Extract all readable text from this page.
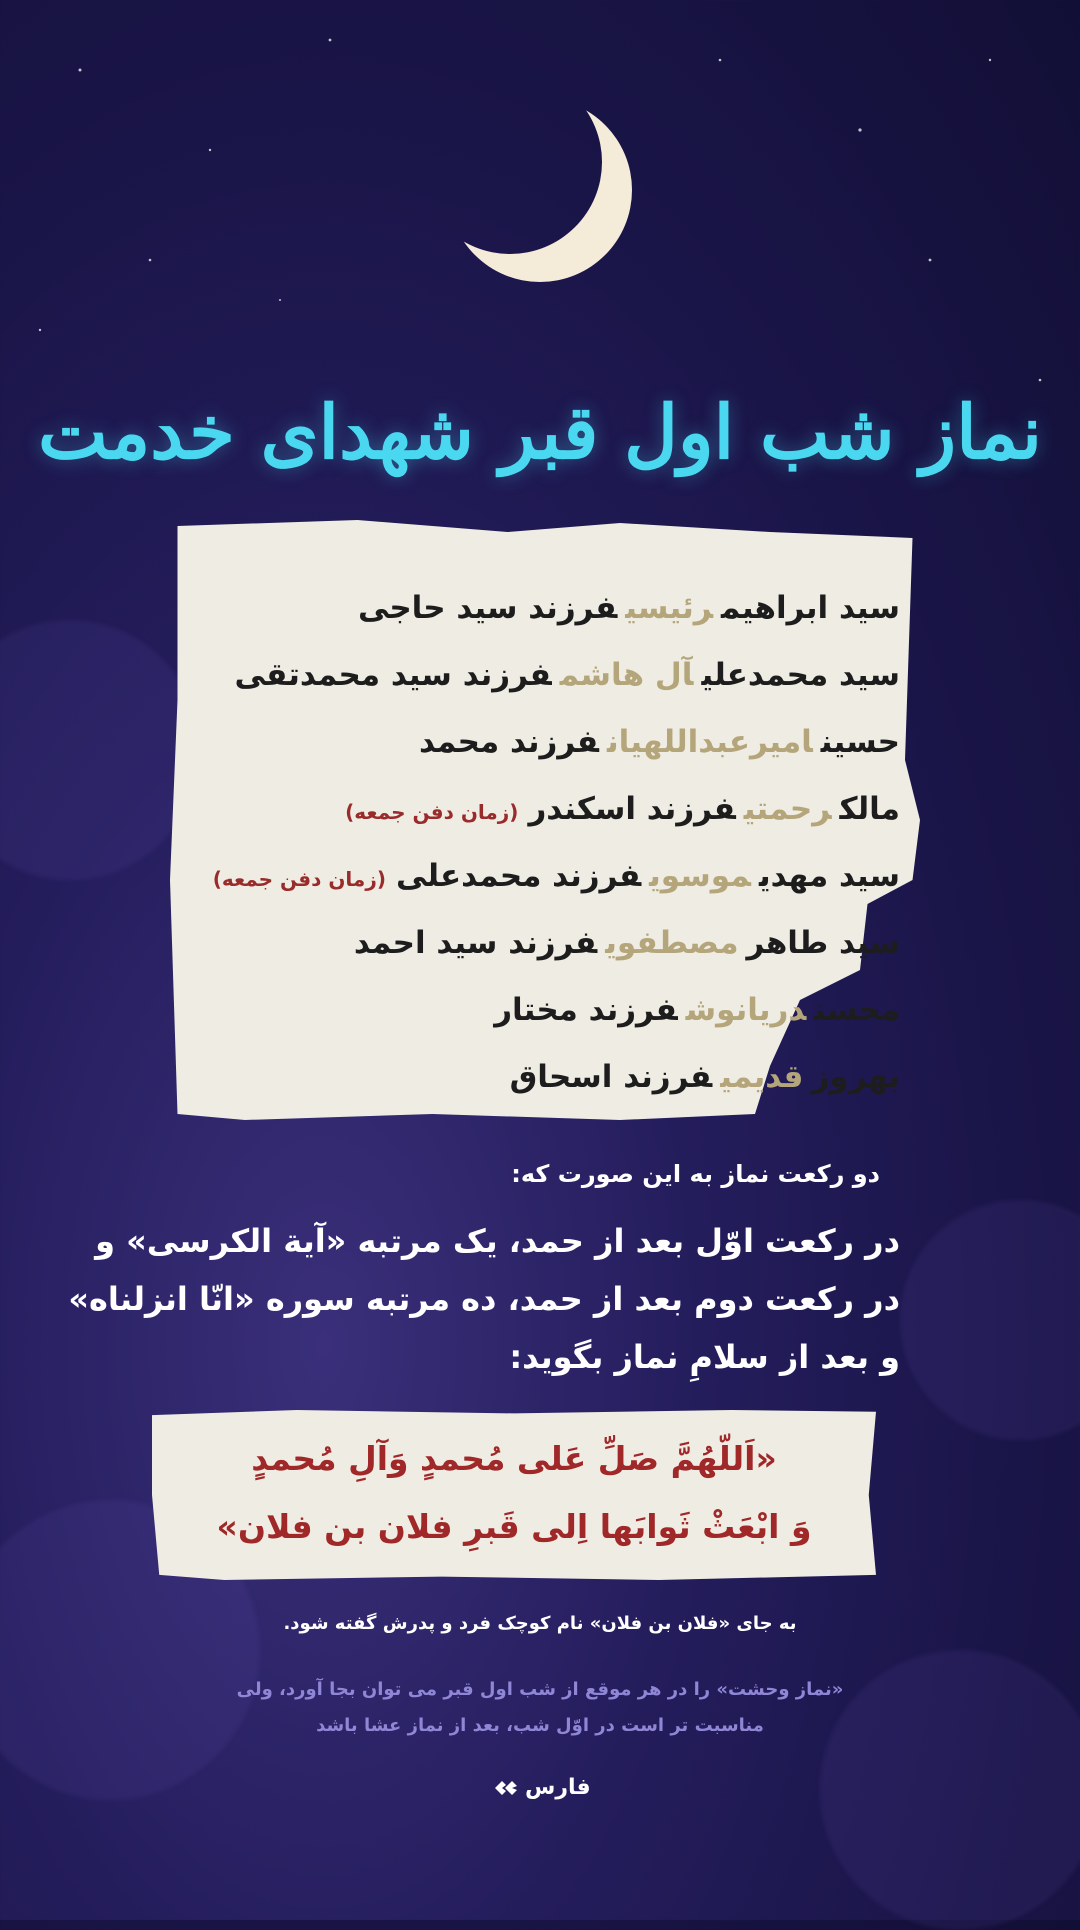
نماز شب اول قبر شهدای خدمت
سید ابراهیمرئیسیفرزند سید حاجی
سید محمدعلیآل هاشمفرزند سید محمدتقی
حسینامیرعبداللهیانفرزند محمد
مالکرحمتیفرزند اسکندر(زمان دفن جمعه)
سید مهدیموسویفرزند محمدعلی(زمان دفن جمعه)
سید طاهرمصطفویفرزند سید احمد
محسندریانوشفرزند مختار
بهروزقدیمیفرزند اسحاق
دو رکعت نماز به این صورت که:
در رکعت اوّل بعد از حمد، یک مرتبه «آیة الکرسی» و
در رکعت دوم بعد از حمد، ده مرتبه سوره «انّا انزلناه»
و بعد از سلامِ نماز بگوید:
«اَللّهُمَّ صَلِّ عَلی مُحمدٍ وَآلِ مُحمدٍ
وَ ابْعَثْ ثَوابَها اِلی قَبرِ فلان بن فلان»
به جای «فلان بن فلان» نام کوچک فرد و پدرش گفته شود.
«نماز وحشت» را در هر موقع از شب اول قبر می توان بجا آورد، ولی
مناسبت تر است در اوّل شب، بعد از نماز عشا باشد
فارس
